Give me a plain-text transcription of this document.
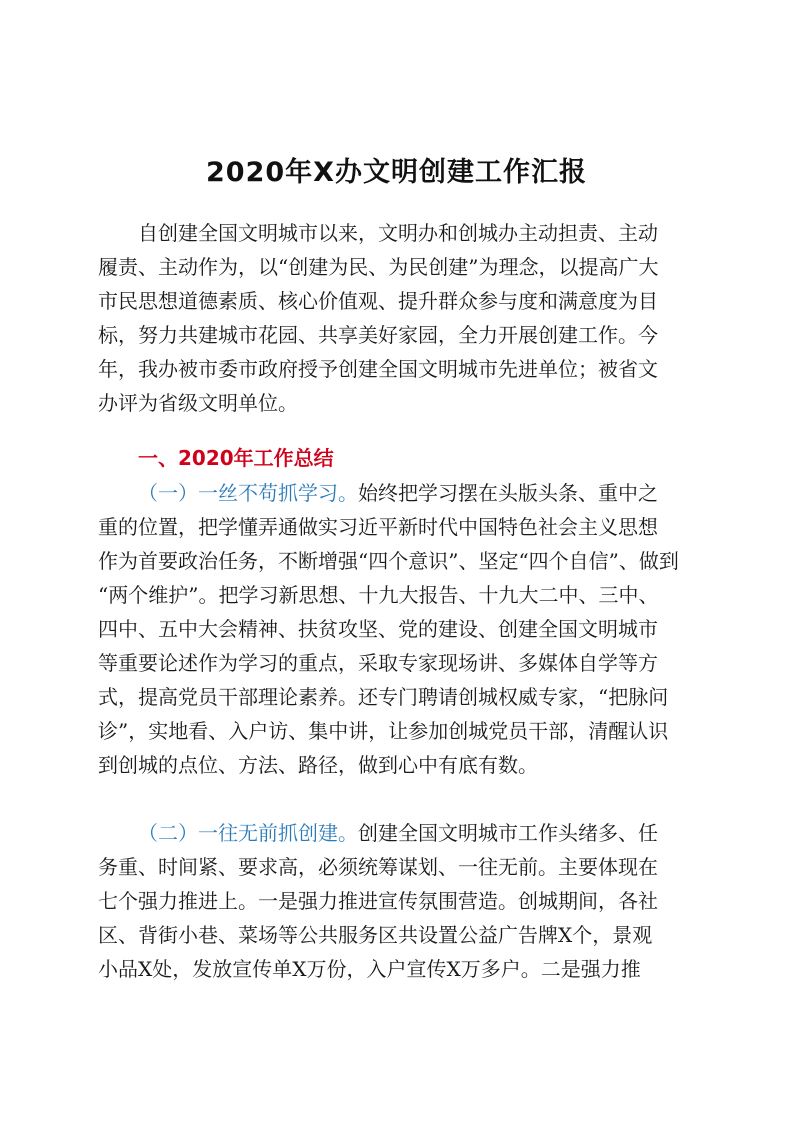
2020年X办文明创建工作汇报
自创建全国文明城市以来，文明办和创城办主动担责、主动
履责、主动作为，以“创建为民、为民创建”为理念，以提高广大
市民思想道德素质、核心价值观、提升群众参与度和满意度为目
标，努力共建城市花园、共享美好家园，全力开展创建工作。今
年，我办被市委市政府授予创建全国文明城市先进单位；被省文
办评为省级文明单位。
一、2020年工作总结
（一）一丝不苟抓学习。始终把学习摆在头版头条、重中之
重的位置，把学懂弄通做实习近平新时代中国特色社会主义思想
作为首要政治任务，不断增强“四个意识”、坚定“四个自信”、做到
“两个维护”。把学习新思想、十九大报告、十九大二中、三中、
四中、五中大会精神、扶贫攻坚、党的建设、创建全国文明城市
等重要论述作为学习的重点，采取专家现场讲、多媒体自学等方
式，提高党员干部理论素养。还专门聘请创城权威专家，“把脉问
诊”，实地看、入户访、集中讲，让参加创城党员干部，清醒认识
到创城的点位、方法、路径，做到心中有底有数。
（二）一往无前抓创建。创建全国文明城市工作头绪多、任
务重、时间紧、要求高，必须统筹谋划、一往无前。主要体现在
七个强力推进上。一是强力推进宣传氛围营造。创城期间，各社
区、背街小巷、菜场等公共服务区共设置公益广告牌X个，景观
小品X处，发放宣传单X万份，入户宣传X万多户。二是强力推
